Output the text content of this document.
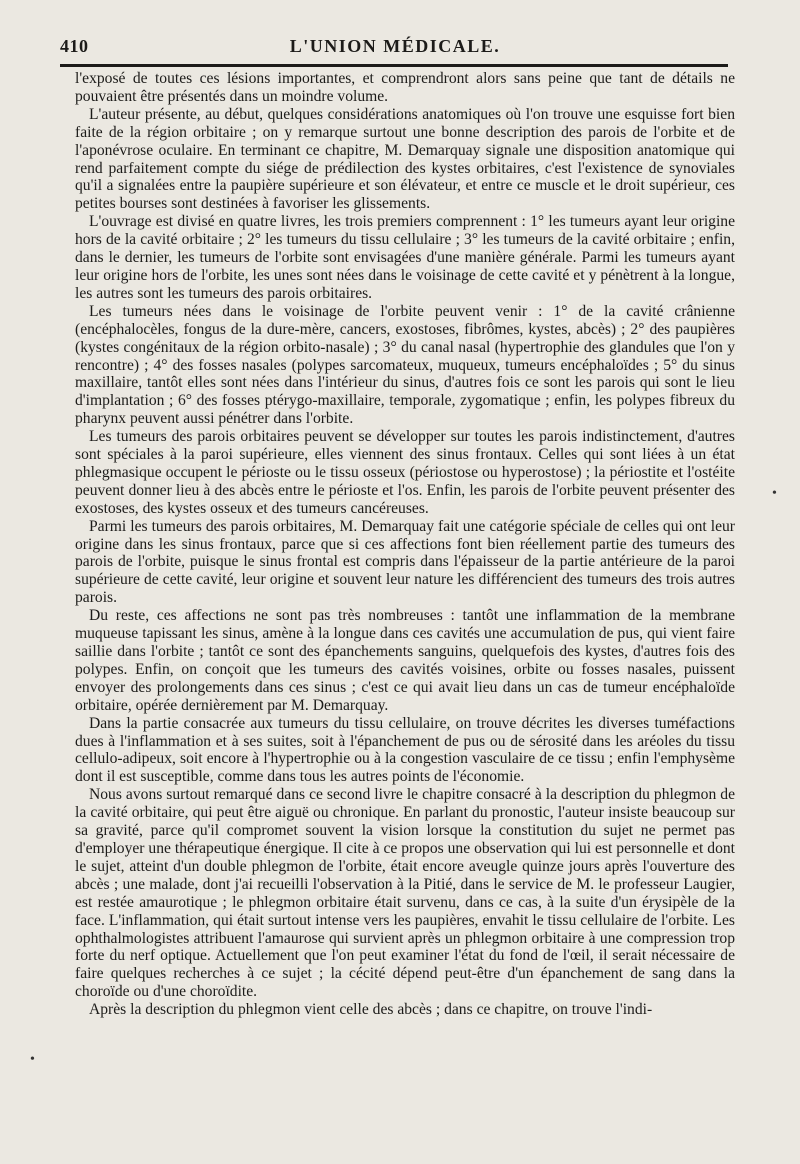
410	L'UNION MÉDICALE.

l'exposé de toutes ces lésions importantes, et comprendront alors sans peine que tant de détails ne pouvaient être présentés dans un moindre volume.

L'auteur présente, au début, quelques considérations anatomiques où l'on trouve une esquisse fort bien faite de la région orbitaire ; on y remarque surtout une bonne description des parois de l'orbite et de l'aponévrose oculaire. En terminant ce chapitre, M. Demarquay signale une disposition anatomique qui rend parfaitement compte du siége de prédilection des kystes orbitaires, c'est l'existence de synoviales qu'il a signalées entre la paupière supérieure et son élévateur, et entre ce muscle et le droit supérieur, ces petites bourses sont destinées à favoriser les glissements.

L'ouvrage est divisé en quatre livres, les trois premiers comprennent : 1° les tumeurs ayant leur origine hors de la cavité orbitaire ; 2° les tumeurs du tissu cellulaire ; 3° les tumeurs de la cavité orbitaire ; enfin, dans le dernier, les tumeurs de l'orbite sont envisagées d'une manière générale. Parmi les tumeurs ayant leur origine hors de l'orbite, les unes sont nées dans le voisinage de cette cavité et y pénètrent à la longue, les autres sont les tumeurs des parois orbitaires.

Les tumeurs nées dans le voisinage de l'orbite peuvent venir : 1° de la cavité crânienne (encéphalocèles, fongus de la dure-mère, cancers, exostoses, fibrômes, kystes, abcès) ; 2° des paupières (kystes congénitaux de la région orbito-nasale) ; 3° du canal nasal (hypertrophie des glandules que l'on y rencontre) ; 4° des fosses nasales (polypes sarcomateux, muqueux, tumeurs encéphaloïdes ; 5° du sinus maxillaire, tantôt elles sont nées dans l'intérieur du sinus, d'autres fois ce sont les parois qui sont le lieu d'implantation ; 6° des fosses ptérygo-maxillaire, temporale, zygomatique ; enfin, les polypes fibreux du pharynx peuvent aussi pénétrer dans l'orbite.

Les tumeurs des parois orbitaires peuvent se développer sur toutes les parois indistinctement, d'autres sont spéciales à la paroi supérieure, elles viennent des sinus frontaux. Celles qui sont liées à un état phlegmasique occupent le périoste ou le tissu osseux (périostose ou hyperostose) ; la périostite et l'ostéite peuvent donner lieu à des abcès entre le périoste et l'os. Enfin, les parois de l'orbite peuvent présenter des exostoses, des kystes osseux et des tumeurs cancéreuses.

Parmi les tumeurs des parois orbitaires, M. Demarquay fait une catégorie spéciale de celles qui ont leur origine dans les sinus frontaux, parce que si ces affections font bien réellement partie des tumeurs des parois de l'orbite, puisque le sinus frontal est compris dans l'épaisseur de la partie antérieure de la paroi supérieure de cette cavité, leur origine et souvent leur nature les différencient des tumeurs des trois autres parois.

Du reste, ces affections ne sont pas très nombreuses : tantôt une inflammation de la membrane muqueuse tapissant les sinus, amène à la longue dans ces cavités une accumulation de pus, qui vient faire saillie dans l'orbite ; tantôt ce sont des épanchements sanguins, quelquefois des kystes, d'autres fois des polypes. Enfin, on conçoit que les tumeurs des cavités voisines, orbite ou fosses nasales, puissent envoyer des prolongements dans ces sinus ; c'est ce qui avait lieu dans un cas de tumeur encéphaloïde orbitaire, opérée dernièrement par M. Demarquay.

Dans la partie consacrée aux tumeurs du tissu cellulaire, on trouve décrites les diverses tuméfactions dues à l'inflammation et à ses suites, soit à l'épanchement de pus ou de sérosité dans les aréoles du tissu cellulo-adipeux, soit encore à l'hypertrophie ou à la congestion vasculaire de ce tissu ; enfin l'emphysème dont il est susceptible, comme dans tous les autres points de l'économie.

Nous avons surtout remarqué dans ce second livre le chapitre consacré à la description du phlegmon de la cavité orbitaire, qui peut être aiguë ou chronique. En parlant du pronostic, l'auteur insiste beaucoup sur sa gravité, parce qu'il compromet souvent la vision lorsque la constitution du sujet ne permet pas d'employer une thérapeutique énergique. Il cite à ce propos une observation qui lui est personnelle et dont le sujet, atteint d'un double phlegmon de l'orbite, était encore aveugle quinze jours après l'ouverture des abcès ; une malade, dont j'ai recueilli l'observation à la Pitié, dans le service de M. le professeur Laugier, est restée amaurotique ; le phlegmon orbitaire était survenu, dans ce cas, à la suite d'un érysipèle de la face. L'inflammation, qui était surtout intense vers les paupières, envahit le tissu cellulaire de l'orbite. Les ophthalmologistes attribuent l'amaurose qui survient après un phlegmon orbitaire à une compression trop forte du nerf optique. Actuellement que l'on peut examiner l'état du fond de l'œil, il serait nécessaire de faire quelques recherches à ce sujet ; la cécité dépend peut-être d'un épanchement de sang dans la choroïde ou d'une choroïdite.

Après la description du phlegmon vient celle des abcès ; dans ce chapitre, on trouve l'indi-

•
•
